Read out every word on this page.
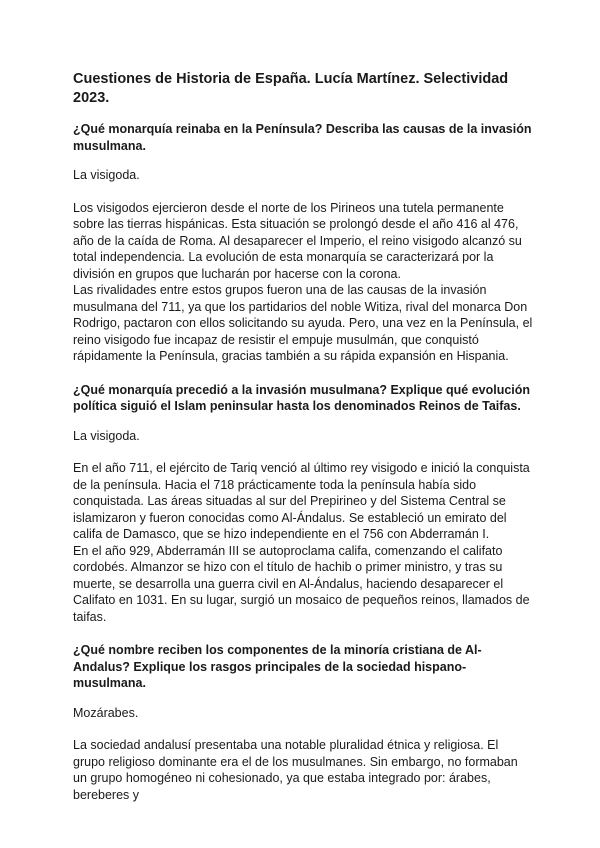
Cuestiones de Historia de España. Lucía Martínez. Selectividad 2023.
¿Qué monarquía reinaba en la Península? Describa las causas de la invasión musulmana.
La visigoda.

Los visigodos ejercieron desde el norte de los Pirineos una tutela permanente sobre las tierras hispánicas. Esta situación se prolongó desde el año 416 al 476, año de la caída de Roma. Al desaparecer el Imperio, el reino visigodo alcanzó su total independencia. La evolución de esta monarquía se caracterizará por la división en grupos que lucharán por hacerse con la corona.

Las rivalidades entre estos grupos fueron una de las causas de la invasión musulmana del 711, ya que los partidarios del noble Witiza, rival del monarca Don Rodrigo, pactaron con ellos solicitando su ayuda. Pero, una vez en la Península, el reino visigodo fue incapaz de resistir el empuje musulmán, que conquistó rápidamente la Península, gracias también a su rápida expansión en Hispania.

¿Qué monarquía precedió a la invasión musulmana? Explique qué evolución política siguió el Islam peninsular hasta los denominados Reinos de Taifas.
La visigoda.

En el año 711, el ejército de Tariq venció al último rey visigodo e inició la conquista de la península. Hacia el 718 prácticamente toda la península había sido conquistada. Las áreas situadas al sur del Prepirineo y del Sistema Central se islamizaron y fueron conocidas como Al-Ándalus. Se estableció un emirato del califa de Damasco, que se hizo independiente en el 756 con Abderramán I.

En el año 929, Abderramán III se autoproclama califa, comenzando el califato cordobés. Almanzor se hizo con el título de hachib o primer ministro, y tras su muerte, se desarrolla una guerra civil en Al-Ándalus, haciendo desaparecer el Califato en 1031. En su lugar, surgió un mosaico de pequeños reinos, llamados de taifas.

¿Qué nombre reciben los componentes de la minoría cristiana de Al-Andalus? Explique los rasgos principales de la sociedad hispano-musulmana.
Mozárabes.

La sociedad andalusí presentaba una notable pluralidad étnica y religiosa. El grupo religioso dominante era el de los musulmanes. Sin embargo, no formaban un grupo homogéneo ni cohesionado, ya que estaba integrado por: árabes, bereberes y
